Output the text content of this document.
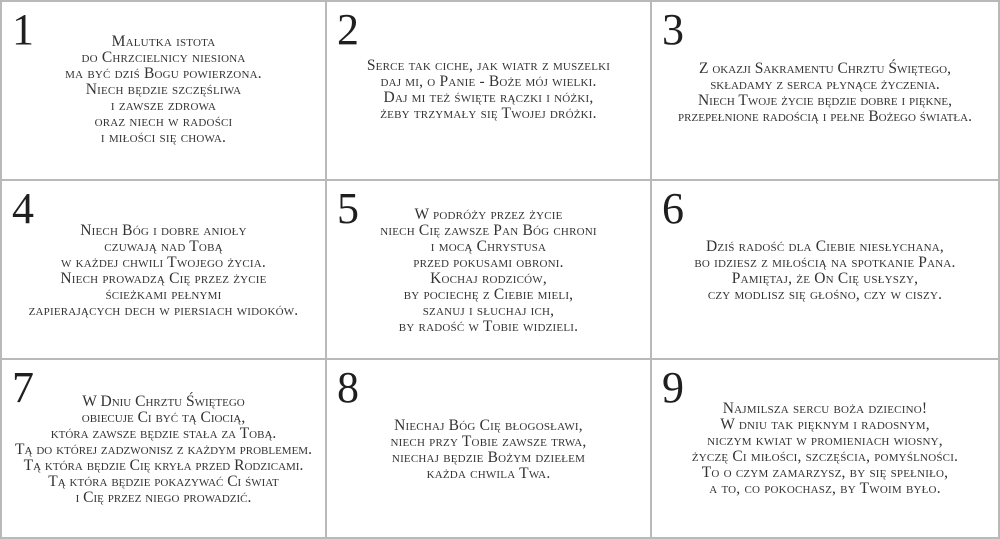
1	Malutka istota
do Chrzcielnicy niesiona
ma być dziś Bogu powierzona.
Niech będzie szczęśliwa
i zawsze zdrowa
oraz niech w radości
i miłości się chowa.
2
Serce tak ciche, jak wiatr z muszelki
daj mi, o Panie - Boże mój wielki.
Daj mi też święte rączki i nóżki,
żeby trzymały się Twojej dróżki.
3
Z okazji Sakramentu Chrztu Świętego,
składamy z serca płynące życzenia.
Niech Twoje życie będzie dobre i piękne,
przepełnione radością i pełne Bożego światła.
4	Niech Bóg i dobre anioły
czuwają nad Tobą
w każdej chwili Twojego życia.
Niech prowadzą Cię przez życie
ścieżkami pełnymi
zapierających dech w piersiach widoków.
5	W podróży przez życie
niech Cię zawsze Pan Bóg chroni
i mocą Chrystusa
przed pokusami obroni.
Kochaj rodziców,
by pociechę z Ciebie mieli,
szanuj i słuchaj ich,
by radość w Tobie widzieli.
6
Dziś radość dla Ciebie niesłychana,
bo idziesz z miłością na spotkanie Pana.
Pamiętaj, że On Cię usłyszy,
czy modlisz się głośno, czy w ciszy.
7	W Dniu Chrztu Świętego
obiecuje Ci być tą Ciocią,
która zawsze będzie stała za Tobą.
Tą do której zadzwonisz z każdym problemem.
Tą która będzie Cię kryła przed Rodzicami.
Tą która będzie pokazywać Ci świat
i Cię przez niego prowadzić.
8
Niechaj Bóg Cię błogosławi,
niech przy Tobie zawsze trwa,
niechaj będzie Bożym dziełem
każda chwila Twa.
9	Najmilsza sercu boża dziecino!
W dniu tak pięknym i radosnym,
niczym kwiat w promieniach wiosny,
życzę Ci miłości, szczęścia, pomyślności.
To o czym zamarzysz, by się spełniło,
a to, co pokochasz, by Twoim było.
